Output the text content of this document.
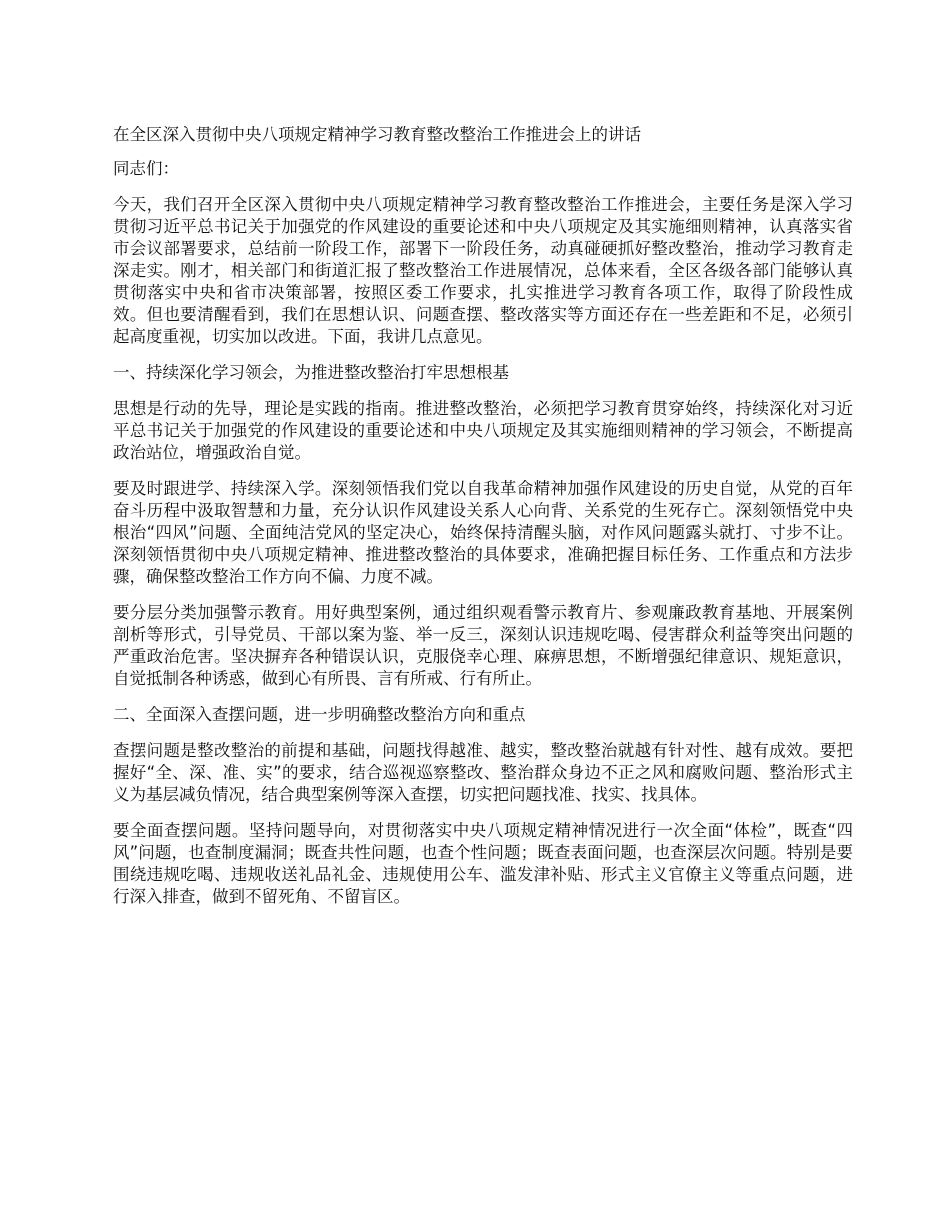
在全区深入贯彻中央八项规定精神学习教育整改整治工作推进会上的讲话

同志们：

今天，我们召开全区深入贯彻中央八项规定精神学习教育整改整治工作推进会，主要任务是深入学习贯彻习近平总书记关于加强党的作风建设的重要论述和中央八项规定及其实施细则精神，认真落实省市会议部署要求，总结前一阶段工作，部署下一阶段任务，动真碰硬抓好整改整治，推动学习教育走深走实。刚才，相关部门和街道汇报了整改整治工作进展情况，总体来看，全区各级各部门能够认真贯彻落实中央和省市决策部署，按照区委工作要求，扎实推进学习教育各项工作，取得了阶段性成效。但也要清醒看到，我们在思想认识、问题查摆、整改落实等方面还存在一些差距和不足，必须引起高度重视，切实加以改进。下面，我讲几点意见。

一、持续深化学习领会，为推进整改整治打牢思想根基

思想是行动的先导，理论是实践的指南。推进整改整治，必须把学习教育贯穿始终，持续深化对习近平总书记关于加强党的作风建设的重要论述和中央八项规定及其实施细则精神的学习领会，不断提高政治站位，增强政治自觉。

要及时跟进学、持续深入学。深刻领悟我们党以自我革命精神加强作风建设的历史自觉，从党的百年奋斗历程中汲取智慧和力量，充分认识作风建设关系人心向背、关系党的生死存亡。深刻领悟党中央根治“四风”问题、全面纯洁党风的坚定决心，始终保持清醒头脑，对作风问题露头就打、寸步不让。深刻领悟贯彻中央八项规定精神、推进整改整治的具体要求，准确把握目标任务、工作重点和方法步骤，确保整改整治工作方向不偏、力度不减。

要分层分类加强警示教育。用好典型案例，通过组织观看警示教育片、参观廉政教育基地、开展案例剖析等形式，引导党员、干部以案为鉴、举一反三，深刻认识违规吃喝、侵害群众利益等突出问题的严重政治危害。坚决摒弃各种错误认识，克服侥幸心理、麻痹思想，不断增强纪律意识、规矩意识，自觉抵制各种诱惑，做到心有所畏、言有所戒、行有所止。

二、全面深入查摆问题，进一步明确整改整治方向和重点

查摆问题是整改整治的前提和基础，问题找得越准、越实，整改整治就越有针对性、越有成效。要把握好“全、深、准、实”的要求，结合巡视巡察整改、整治群众身边不正之风和腐败问题、整治形式主义为基层减负情况，结合典型案例等深入查摆，切实把问题找准、找实、找具体。

要全面查摆问题。坚持问题导向，对贯彻落实中央八项规定精神情况进行一次全面“体检”，既查“四风”问题，也查制度漏洞；既查共性问题，也查个性问题；既查表面问题，也查深层次问题。特别是要围绕违规吃喝、违规收送礼品礼金、违规使用公车、滥发津补贴、形式主义官僚主义等重点问题，进行深入排查，做到不留死角、不留盲区。
